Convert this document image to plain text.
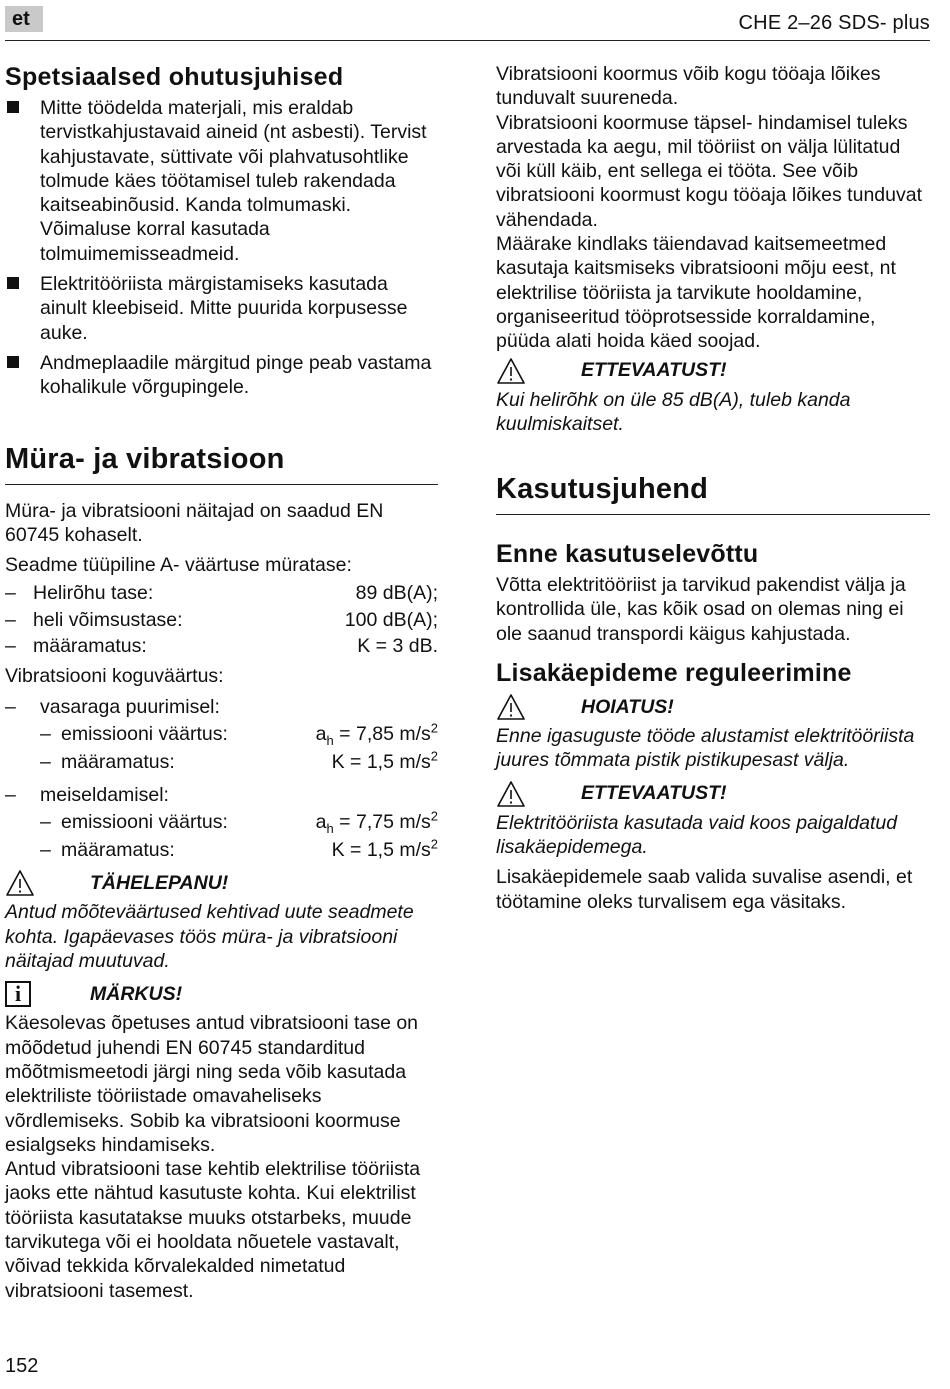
et	CHE 2–26 SDS- plus
Spetsiaalsed ohutusjuhised
Mitte töödelda materjali, mis eraldab tervistkahjustavaid aineid (nt asbesti). Tervist kahjustavate, süttivate või plahvatusohtlike tolmude käes töötamisel tuleb rakendada kaitseabinõusid. Kanda tolmumaski. Võimaluse korral kasutada tolmuimemisseadmeid.
Elektritööriista märgistamiseks kasutada ainult kleebiseid. Mitte puurida korpusesse auke.
Andmeplaadile märgitud pinge peab vastama kohalikule võrgupingele.
Müra- ja vibratsioon

Müra- ja vibratsiooni näitajad on saadud EN 60745 kohaselt.

Seadme tüüpiline A- väärtuse müratase:

– Helirõhu tase:	89 dB(A);
– heli võimsustase:	100 dB(A);
– määramatus:	K = 3 dB.

Vibratsiooni koguväärtus:

– vasaraga puurimisel:
– emissiooni väärtus:	$a_h = 7,85$ $m/s^2$
– määramatus:	K = 1,5 $m/s^2$
– meiseldamisel:
– emissiooni väärtus:	$a_h = 7,75$ $m/s^2$
– määramatus:	K = 1,5 $m/s^2$
TÄHELEPANU!

Antud mõõteväärtused kehtivad uute seadmete kohta. Igapäevases töös müra- ja vibratsiooni näitajad muutuvad.

i	MÄRKUS!

Käesolevas õpetuses antud vibratsiooni tase on mõõdetud juhendi EN 60745 standarditud mõõtmismeetodi järgi ning seda võib kasutada elektriliste tööriistade omavaheliseks võrdlemiseks. Sobib ka vibratsiooni koormuse esialgseks hindamiseks.

Antud vibratsiooni tase kehtib elektrilise tööriista jaoks ette nähtud kasutuste kohta. Kui elektrilist tööriista kasutatakse muuks otstarbeks, muude tarvikutega või ei hooldata nõuetele vastavalt, võivad tekkida kõrvalekalded nimetatud vibratsiooni tasemest.

Vibratsiooni koormus võib kogu tööaja lõikes tunduvalt suureneda.

Vibratsiooni koormuse täpsel- hindamisel tuleks arvestada ka aegu, mil tööriist on välja lülitatud või küll käib, ent sellega ei tööta. See võib vibratsiooni koormust kogu tööaja lõikes tunduvat vähendada.

Määrake kindlaks täiendavad kaitsemeetmed kasutaja kaitsmiseks vibratsiooni mõju eest, nt elektrilise tööriista ja tarvikute hooldamine, organiseeritud tööprotsesside korraldamine, püüda alati hoida käed soojad.

ETTEVAATUST!

Kui helirõhk on üle 85 dB(A), tuleb kanda kuulmiskaitset.

Kasutusjuhend
Enne kasutuselevõttu

Võtta elektritööriist ja tarvikud pakendist välja ja kontrollida üle, kas kõik osad on olemas ning ei ole saanud transpordi käigus kahjustada.

Lisakäepideme reguleerimine
HOIATUS!

Enne igasuguste tööde alustamist elektritööriista juures tõmmata pistik pistikupesast välja.

ETTEVAATUST!

Elektritööriista kasutada vaid koos paigaldatud lisakäepidemega.

Lisakäepidemele saab valida suvalise asendi, et töötamine oleks turvalisem ega väsitaks.

152
